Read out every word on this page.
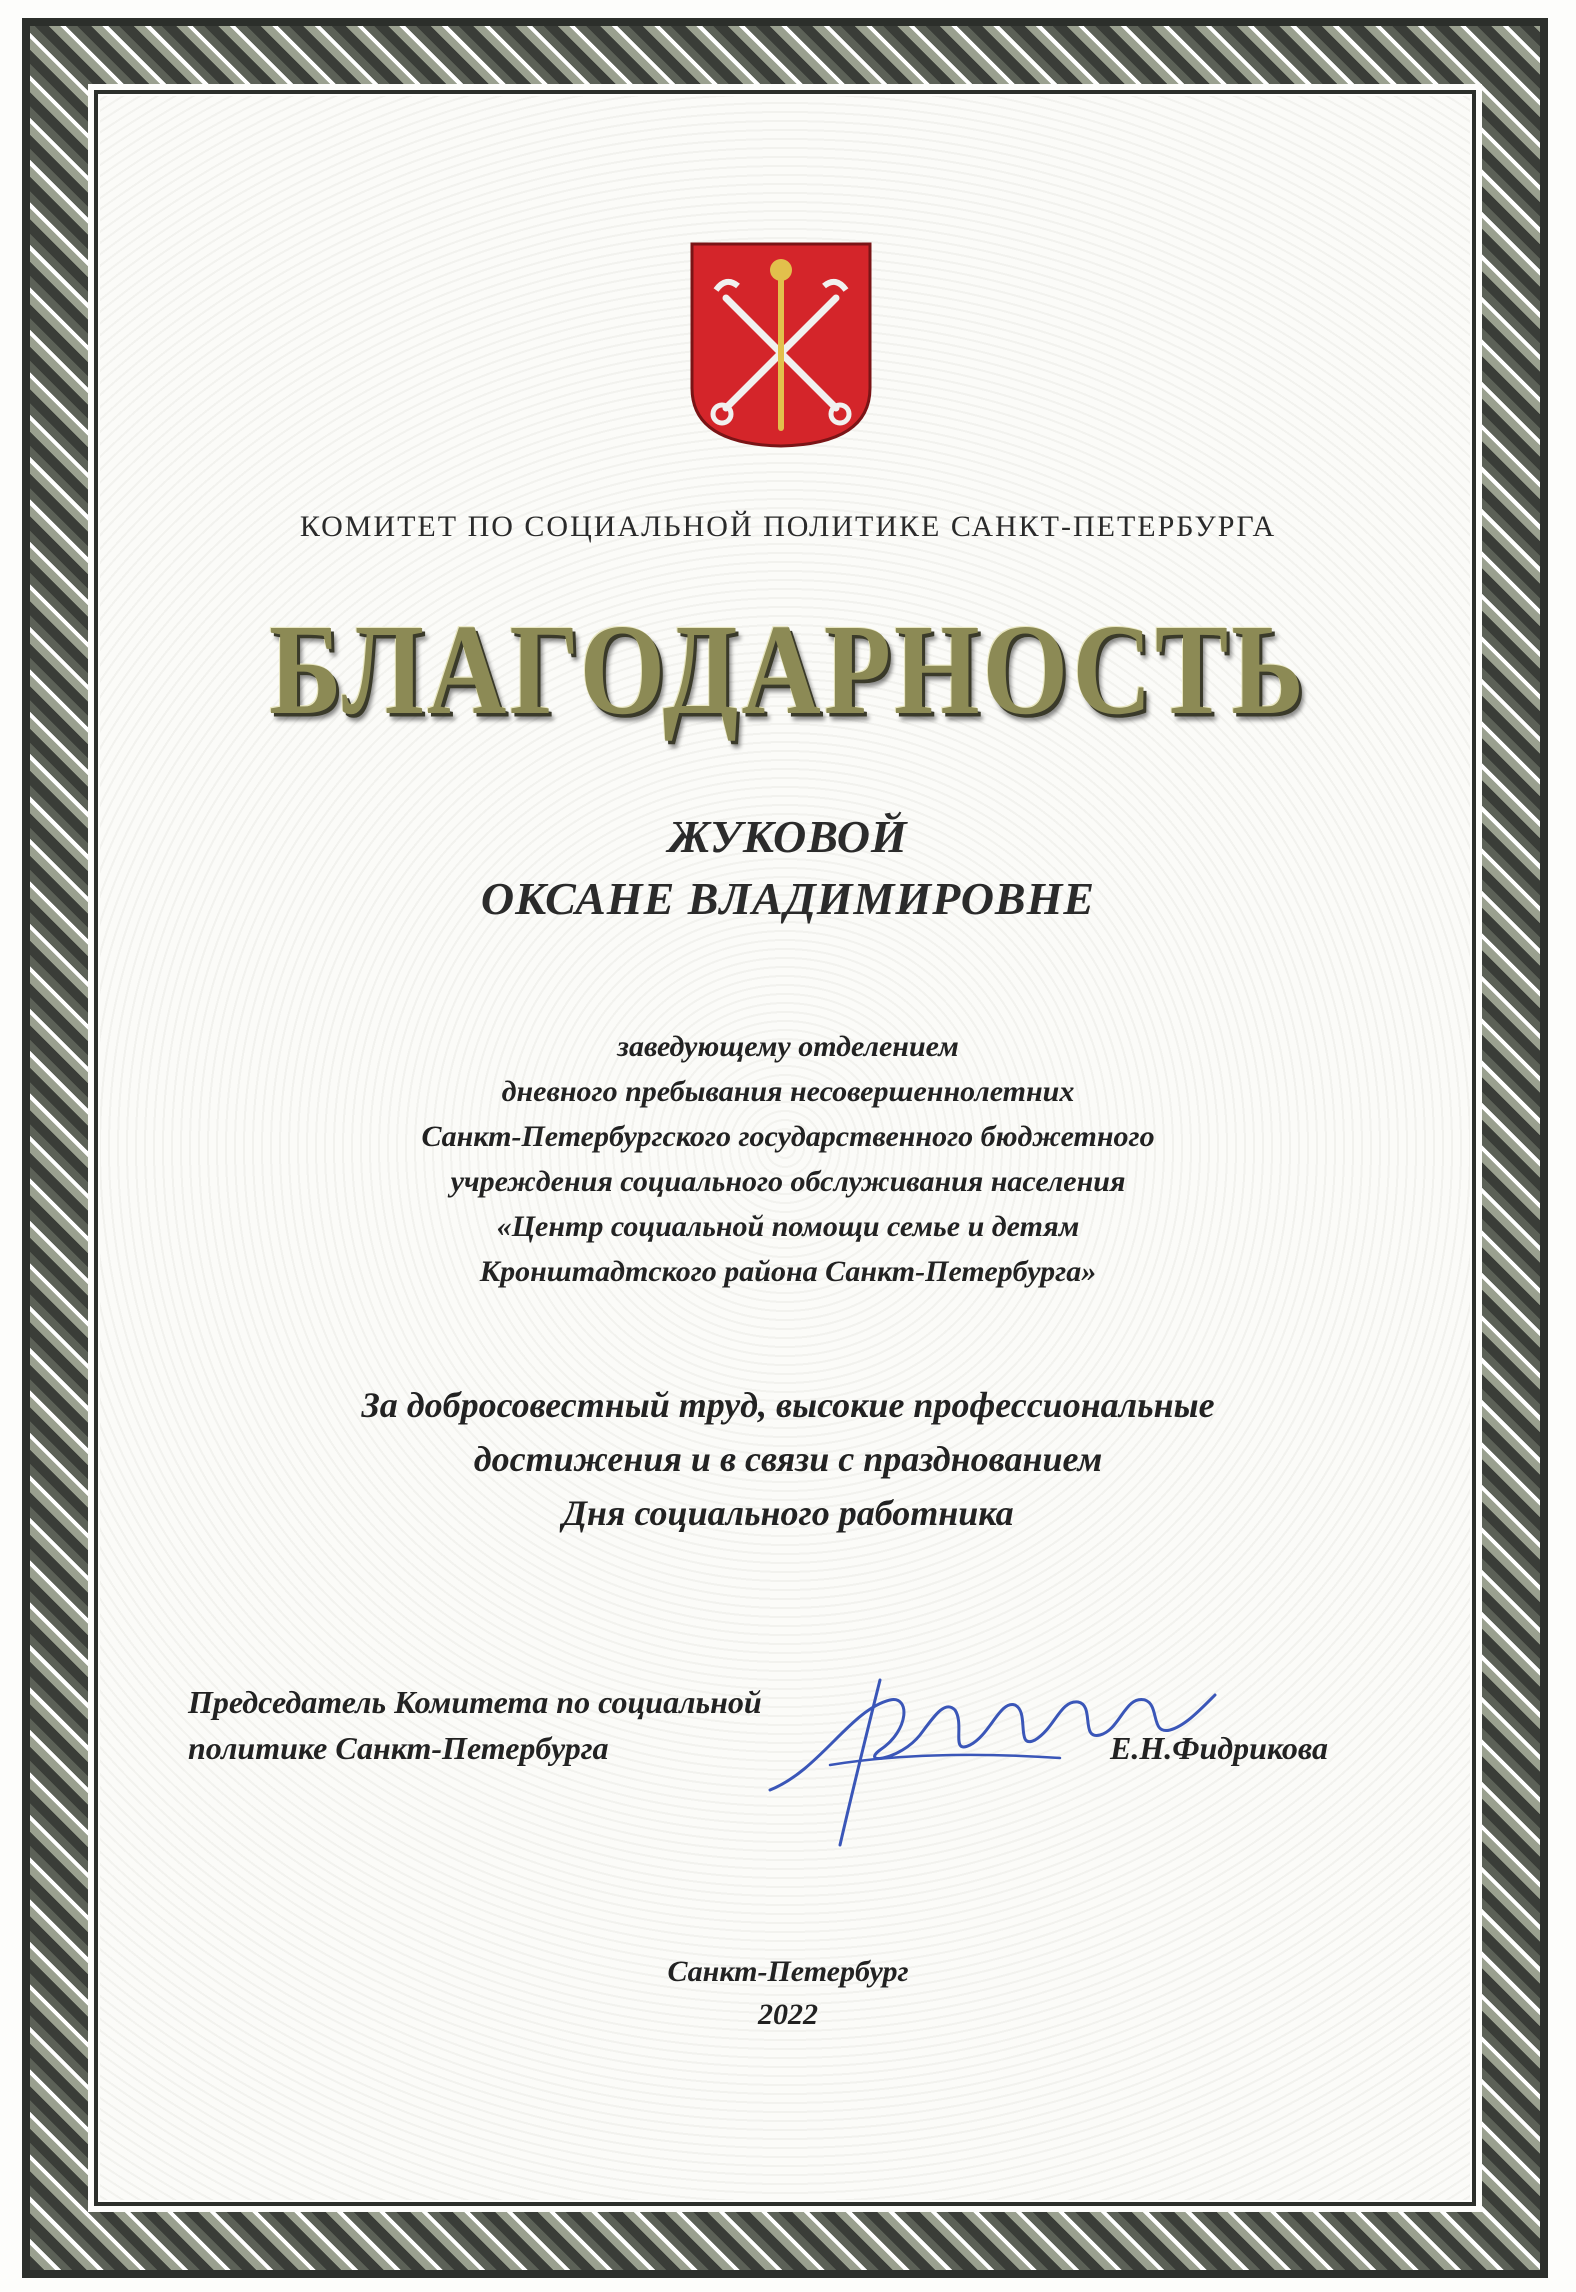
КОМИТЕТ ПО СОЦИАЛЬНОЙ ПОЛИТИКЕ САНКТ-ПЕТЕРБУРГА
БЛАГОДАРНОСТЬ
ЖУКОВОЙ
ОКСАНЕ ВЛАДИМИРОВНЕ
заведующему отделением
дневного пребывания несовершеннолетних
Санкт-Петербургского государственного бюджетного
учреждения социального обслуживания населения
«Центр социальной помощи семье и детям
Кронштадтского района Санкт-Петербурга»
За добросовестный труд, высокие профессиональные
достижения и в связи с празднованием
Дня социального работника
Председатель Комитета по социальной
политике Санкт-Петербурга	Е.Н.Фидрикова
Санкт-Петербург
2022
